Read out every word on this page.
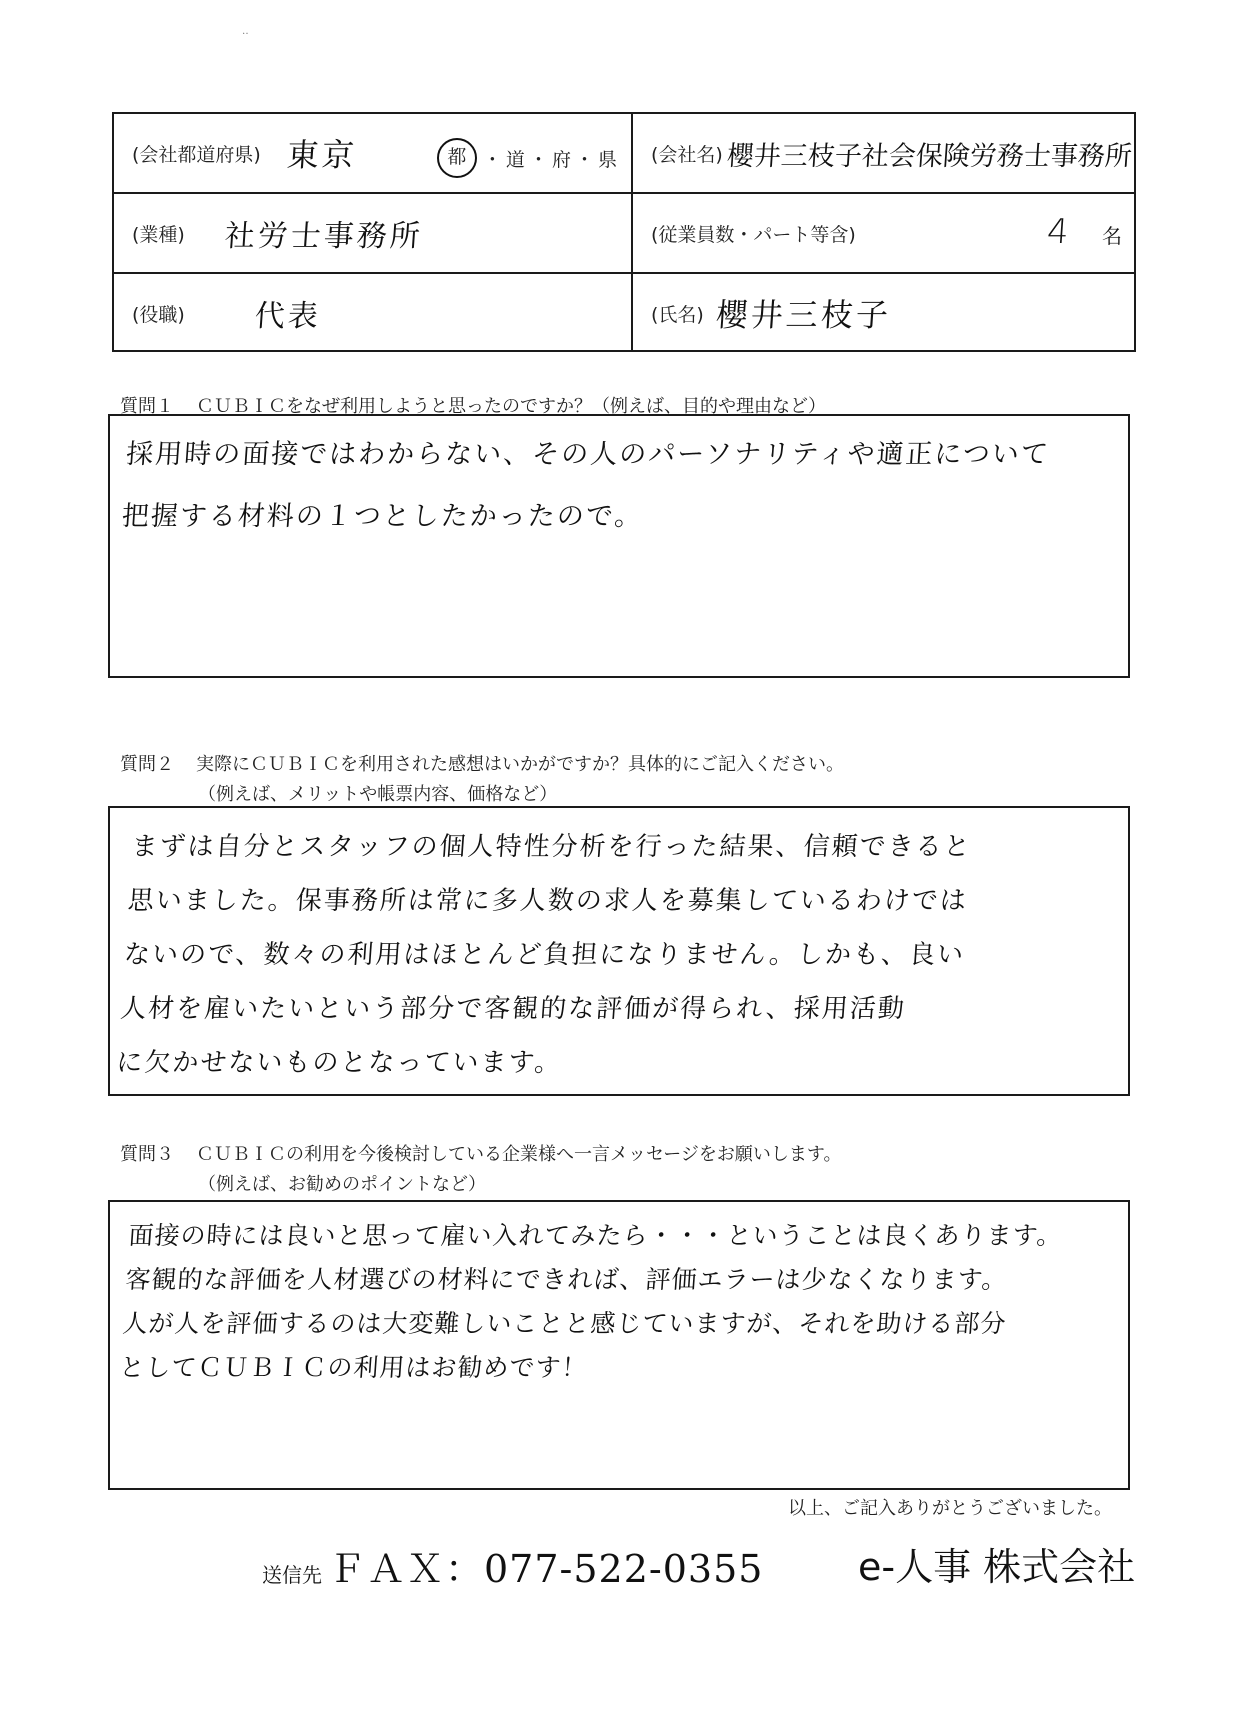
‥
(会社都道府県) 東京	都 ・ 道 ・ 府 ・ 県 (会社名) 櫻井三枝子社会保険労務士事務所
(業種) 社労士事務所	(従業員数・パート等含)	4 名
(役職) 代表	(氏名) 櫻井三枝子
質問１ ＣＵＢＩＣをなぜ利用しようと思ったのですか？（例えば、目的や理由など）
採用時の面接ではわからない、その人のパーソナリティや適正について
把握する材料の１つとしたかったので。
質問２ 実際にＣＵＢＩＣを利用された感想はいかがですか？具体的にご記入ください。
（例えば、メリットや帳票内容、価格など）
まずは自分とスタッフの個人特性分析を行った結果、信頼できると
思いました。保事務所は常に多人数の求人を募集しているわけでは
ないので、数々の利用はほとんど負担になりません。しかも、良い
人材を雇いたいという部分で客観的な評価が得られ、採用活動
に欠かせないものとなっています。
質問３ ＣＵＢＩＣの利用を今後検討している企業様へ一言メッセージをお願いします。
（例えば、お勧めのポイントなど）
面接の時には良いと思って雇い入れてみたら・・・ということは良くあります。
客観的な評価を人材選びの材料にできれば、評価エラーは少なくなります。
人が人を評価するのは大変難しいことと感じていますが、それを助ける部分
としてＣＵＢＩＣの利用はお勧めです！
以上、ご記入ありがとうございました。
送信先 ＦＡＸ：077-522-0355 e-人事 株式会社
